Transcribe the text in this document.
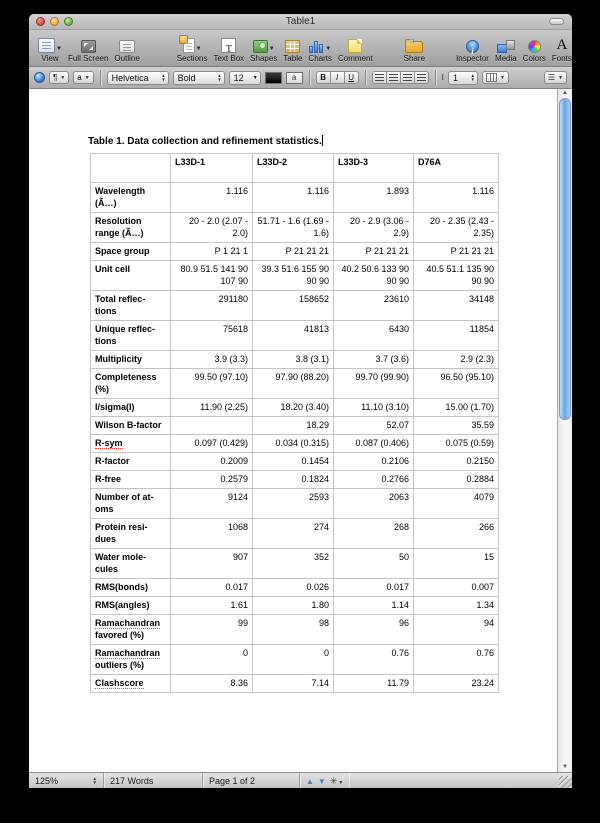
Table1
▼
View Full Screen Outline
+
▼
Sections
T Text Box
▼
Shapes Table
▼
Charts Comment
✦	Share
i	Inspector Media Colors
A
Fonts
¶ ▼ a ▼ Helvetica	▲
▼ Bold	▲
▼ 12 ▼	a	B	I	U	Ⅰ 1	▲
▼	▼	☰ ▼
Table 1. Data collection and refinement statistics.
	L33D-1	L33D-2	L33D-3	D76A
Wavelength (Ã…)	1.116	1.116	1.893	1.116
Resolution range (Ã…)	20 - 2.0 (2.07 - 2.0)	51.71 - 1.6 (1.69 - 1.6)	20 - 2.9 (3.06 - 2.9)	20 - 2.35 (2.43 - 2.35)
Space group	P 1 21 1	P 21 21 21	P 21 21 21	P 21 21 21
Unit cell	80.9 51.5 141 90 107 90	39.3 51.6 155 90 90 90	40.2 50.6 133 90 90 90	40.5 51.1 135 90 90 90
Total reflec-tions	291180	158652	23610	34148
Unique reflec-tions	75618	41813	6430	11854
Multiplicity	3.9 (3.3)	3.8 (3.1)	3.7 (3.6)	2.9 (2.3)
Completeness (%)	99.50 (97.10)	97.90 (88.20)	99.70 (99.90)	96.50 (95.10)
I/sigma(I)	11.90 (2.25)	18.20 (3.40)	11.10 (3.10)	15.00 (1.70)
Wilson B-factor		18.29	52.07	35.59
R-sym	0.097 (0.429)	0.034 (0.315)	0.087 (0.406)	0.075 (0.59)
R-factor	0.2009	0.1454	0.2106	0.2150
R-free	0.2579	0.1824	0.2766	0.2884
Number of at-oms	9124	2593	2063	4079
Protein resi-dues	1068	274	268	266
Water mole-cules	907	352	50	15
RMS(bonds)	0.017	0.026	0.017	0.007
RMS(angles)	1.61	1.80	1.14	1.34
Ramachandran favored (%)	99	98	96	94
Ramachandran outliers (%)	0	0	0.76	0.76
Clashscore	8.36	7.14	11.79	23.24
▲
▼
125%	▲
▼ 217 Words	Page 1 of 2	▲ ▼ ✳▼
